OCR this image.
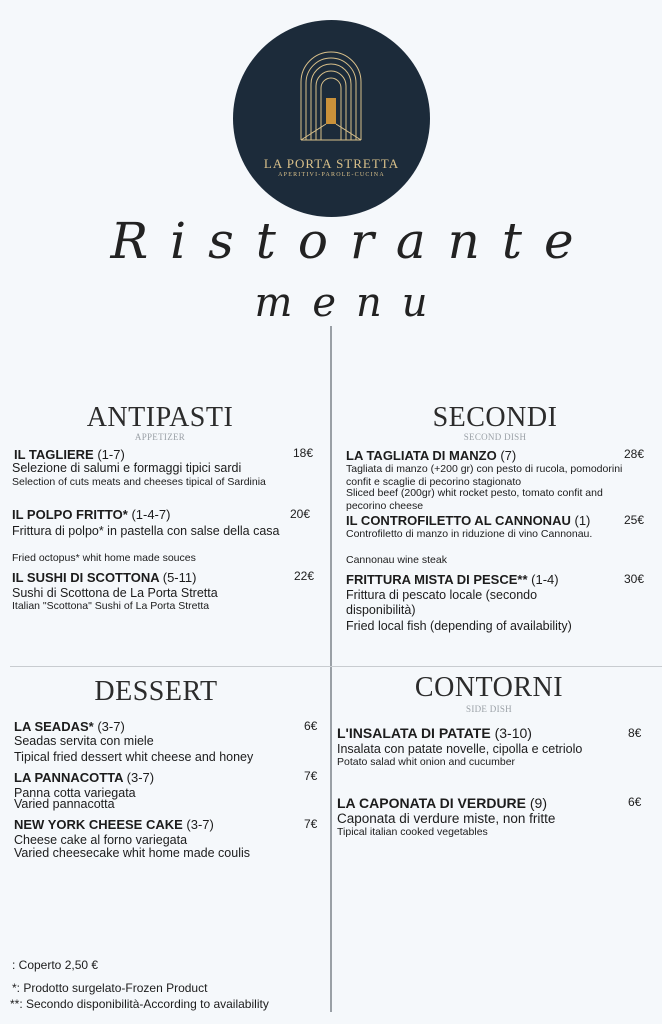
LA PORTA STRETTA
APERITIVI-PAROLE-CUCINA
Ristorante
menu
ANTIPASTI
APPETIZER
IL TAGLIERE (1-7)	18€
Selezione di salumi e formaggi tipici sardi
Selection of cuts meats and cheeses tipical of Sardinia
IL POLPO FRITTO* (1-4-7)	20€
Frittura di polpo* in pastella con salse della casa
Fried octopus* whit home made souces
IL SUSHI DI SCOTTONA (5-11)	22€
Sushi di Scottona de La Porta Stretta
Italian "Scottona" Sushi of La Porta Stretta
SECONDI
SECOND DISH
LA TAGLIATA DI MANZO (7)	28€
Tagliata di manzo (+200 gr) con pesto di rucola, pomodorini confit e scaglie di pecorino stagionato
Sliced beef (200gr) whit rocket pesto, tomato confit and pecorino cheese
IL CONTROFILETTO AL CANNONAU (1)	25€
Controfiletto di manzo in riduzione di vino Cannonau.
Cannonau wine steak
FRITTURA MISTA DI PESCE** (1-4)	30€
Frittura di pescato locale (secondo disponibilità)
Fried local fish (depending of availability)
DESSERT
LA SEADAS* (3-7)	6€
Seadas servita con miele
Tipical fried dessert whit cheese and honey
LA PANNACOTTA (3-7)	7€
Panna cotta variegata
Varied pannacotta
NEW YORK CHEESE CAKE (3-7)	7€
Cheese cake al forno variegata
Varied cheesecake whit home made coulis
CONTORNI
SIDE DISH
L'INSALATA DI PATATE (3-10)	8€
Insalata con patate novelle, cipolla e cetriolo
Potato salad whit onion and cucumber
LA CAPONATA DI VERDURE (9)	6€
Caponata di verdure miste, non fritte
Tipical italian cooked vegetables
: Coperto 2,50 €
*: Prodotto surgelato-Frozen Product
**: Secondo disponibilità-According to availability
